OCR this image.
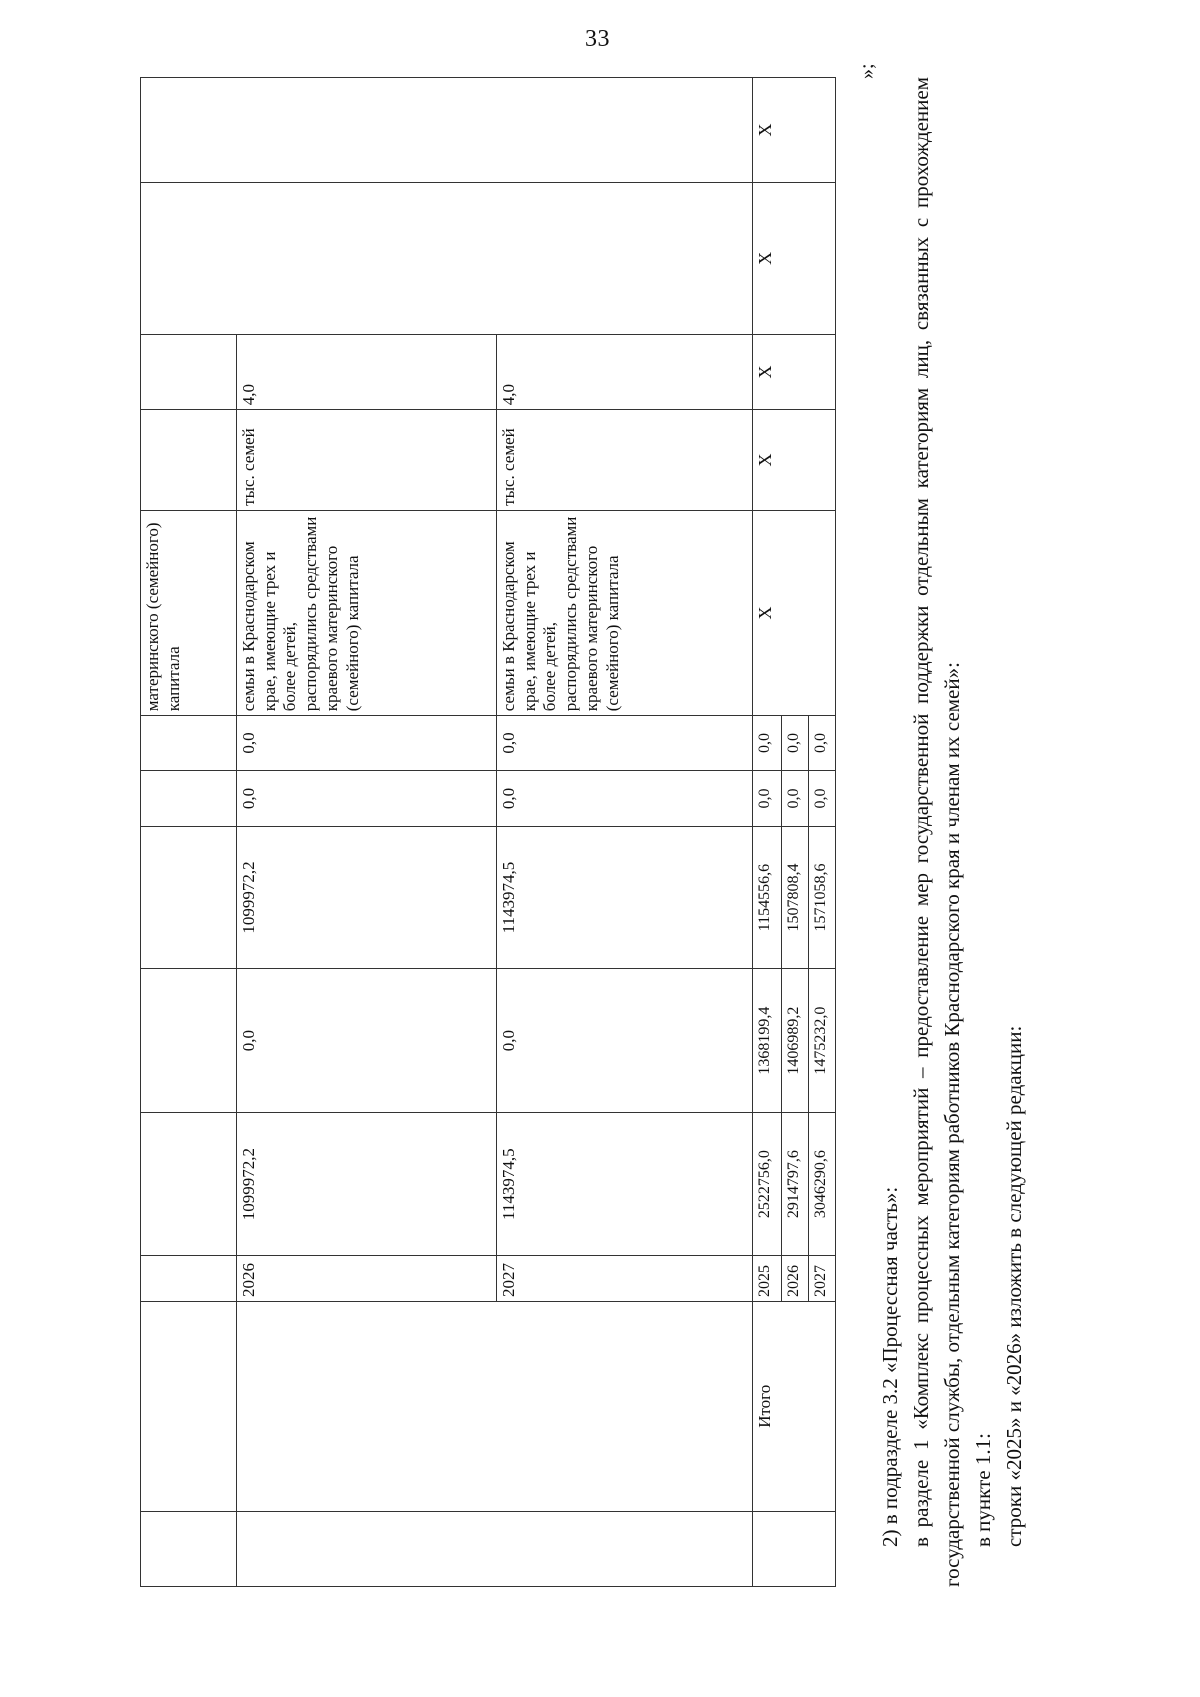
33
								материнского (семейного) капитала				
		2026	1099972,2	0,0	1099972,2	0,0	0,0	семьи в Краснодарском крае, имеющие трех и более детей, распорядились средствами краевого материнского (семейного) капитала	тыс. семей	4,0		
		2027	1143974,5	0,0	1143974,5	0,0	0,0	семьи в Краснодарском крае, имеющие трех и более детей, распорядились средствами краевого материнского (семейного) капитала	тыс. семей	4,0		
	Итого	2025	2522756,0	1368199,4	1154556,6	0,0	0,0	X	X	X	X	X
		2026	2914797,6	1406989,2	1507808,4	0,0	0,0					
		2027	3046290,6	1475232,0	1571058,6	0,0	0,0					
»;

2) в подразделе 3.2 «Процессная часть»: в разделе 1 «Комплекс процессных мероприятий – предоставление мер государственной поддержки отдельным категориям лиц, связанных с прохождением государственной службы, отдельным категориям работников Краснодарского края и членам их семей»: в пункте 1.1: строки «2025» и «2026» изложить в следующей редакции:
